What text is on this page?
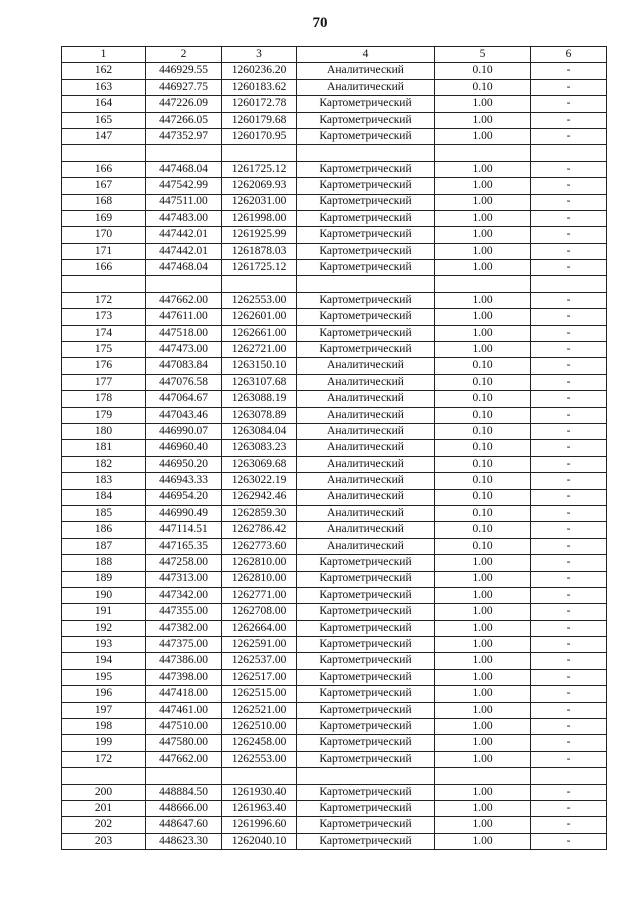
70
1	2	3	4	5	6
162	446929.55	1260236.20	Аналитический	0.10	-
163	446927.75	1260183.62	Аналитический	0.10	-
164	447226.09	1260172.78	Картометрический	1.00	-
165	447266.05	1260179.68	Картометрический	1.00	-
147	447352.97	1260170.95	Картометрический	1.00	-

166	447468.04	1261725.12	Картометрический	1.00	-
167	447542.99	1262069.93	Картометрический	1.00	-
168	447511.00	1262031.00	Картометрический	1.00	-
169	447483.00	1261998.00	Картометрический	1.00	-
170	447442.01	1261925.99	Картометрический	1.00	-
171	447442.01	1261878.03	Картометрический	1.00	-
166	447468.04	1261725.12	Картометрический	1.00	-

172	447662.00	1262553.00	Картометрический	1.00	-
173	447611.00	1262601.00	Картометрический	1.00	-
174	447518.00	1262661.00	Картометрический	1.00	-
175	447473.00	1262721.00	Картометрический	1.00	-
176	447083.84	1263150.10	Аналитический	0.10	-
177	447076.58	1263107.68	Аналитический	0.10	-
178	447064.67	1263088.19	Аналитический	0.10	-
179	447043.46	1263078.89	Аналитический	0.10	-
180	446990.07	1263084.04	Аналитический	0.10	-
181	446960.40	1263083.23	Аналитический	0.10	-
182	446950.20	1263069.68	Аналитический	0.10	-
183	446943.33	1263022.19	Аналитический	0.10	-
184	446954.20	1262942.46	Аналитический	0.10	-
185	446990.49	1262859.30	Аналитический	0.10	-
186	447114.51	1262786.42	Аналитический	0.10	-
187	447165.35	1262773.60	Аналитический	0.10	-
188	447258.00	1262810.00	Картометрический	1.00	-
189	447313.00	1262810.00	Картометрический	1.00	-
190	447342.00	1262771.00	Картометрический	1.00	-
191	447355.00	1262708.00	Картометрический	1.00	-
192	447382.00	1262664.00	Картометрический	1.00	-
193	447375.00	1262591.00	Картометрический	1.00	-
194	447386.00	1262537.00	Картометрический	1.00	-
195	447398.00	1262517.00	Картометрический	1.00	-
196	447418.00	1262515.00	Картометрический	1.00	-
197	447461.00	1262521.00	Картометрический	1.00	-
198	447510.00	1262510.00	Картометрический	1.00	-
199	447580.00	1262458.00	Картометрический	1.00	-
172	447662.00	1262553.00	Картометрический	1.00	-

200	448884.50	1261930.40	Картометрический	1.00	-
201	448666.00	1261963.40	Картометрический	1.00	-
202	448647.60	1261996.60	Картометрический	1.00	-
203	448623.30	1262040.10	Картометрический	1.00	-
